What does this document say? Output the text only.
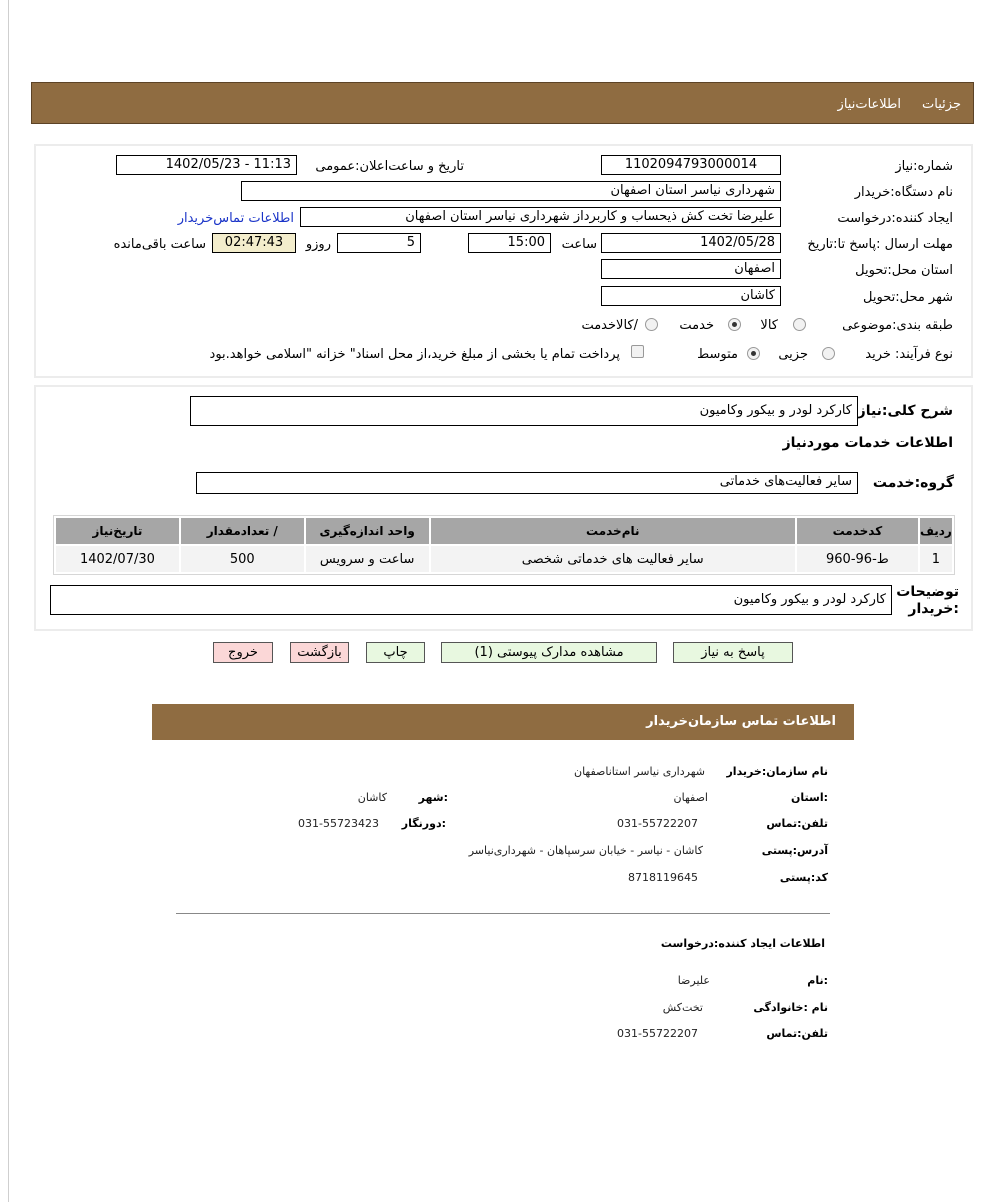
جزئیات
اطلاعات‌نیاز
شماره:نیاز
1102094793000014
تاریخ و ساعت‌اعلان:عمومی
1402/05/23 - 11:13
نام دستگاه:خریدار
شهرداری نیاسر استان اصفهان
ایجاد کننده:درخواست
علیرضا تخت کش ذیحساب و کاربرداز شهرداری نیاسر استان اصفهان
اطلاعات تماس‌خریدار
مهلت ارسال :پاسخ تا:تاریخ
1402/05/28
ساعت
15:00
5
روزو
02:47:43
ساعت باقی‌مانده
استان محل:تحویل
اصفهان
شهر محل:تحویل
کاشان
طبقه بندی:موضوعی
کالا
خدمت
/کالاخدمت
نوع فرآیند: خرید
جزیی
متوسط
پرداخت تمام یا بخشی از مبلغ خرید،از محل اسناد" خزانه "اسلامی خواهد.بود
شرح کلی:نیاز
کارکرد لودر و بیکور وکامیون
اطلاعات خدمات موردنیاز
گروه:خدمت
سایر فعالیت‌های خدماتی
ردیف	کدخدمت	نام‌خدمت	واحد اندازه‌گیری	/ تعدادمقدار	تاریخ‌نیاز
1	ط-96-960	سایر فعالیت های خدماتی شخصی	ساعت و سرویس	500	1402/07/30
توضیحات :خریدار
کارکرد لودر و بیکور وکامیون
پاسخ به نیاز
مشاهده مدارک پیوستی (1)
چاپ
بازگشت
خروج
اطلاعات تماس سازمان‌خریدار
نام سازمان:خریدار
شهرداری نیاسر استاناصفهان
:استان
اصفهان
:شهر
کاشان
تلفن:تماس
031-55722207
:دورنگار
031-55723423
آدرس:پستی
کاشان - نیاسر - خیابان سرسپاهان - شهرداری‌نیاسر
کد:پستی
8718119645
اطلاعات ایجاد کننده:درخواست
:نام
علیرضا
نام :خانوادگی
تخت‌کش
تلفن:تماس
031-55722207
